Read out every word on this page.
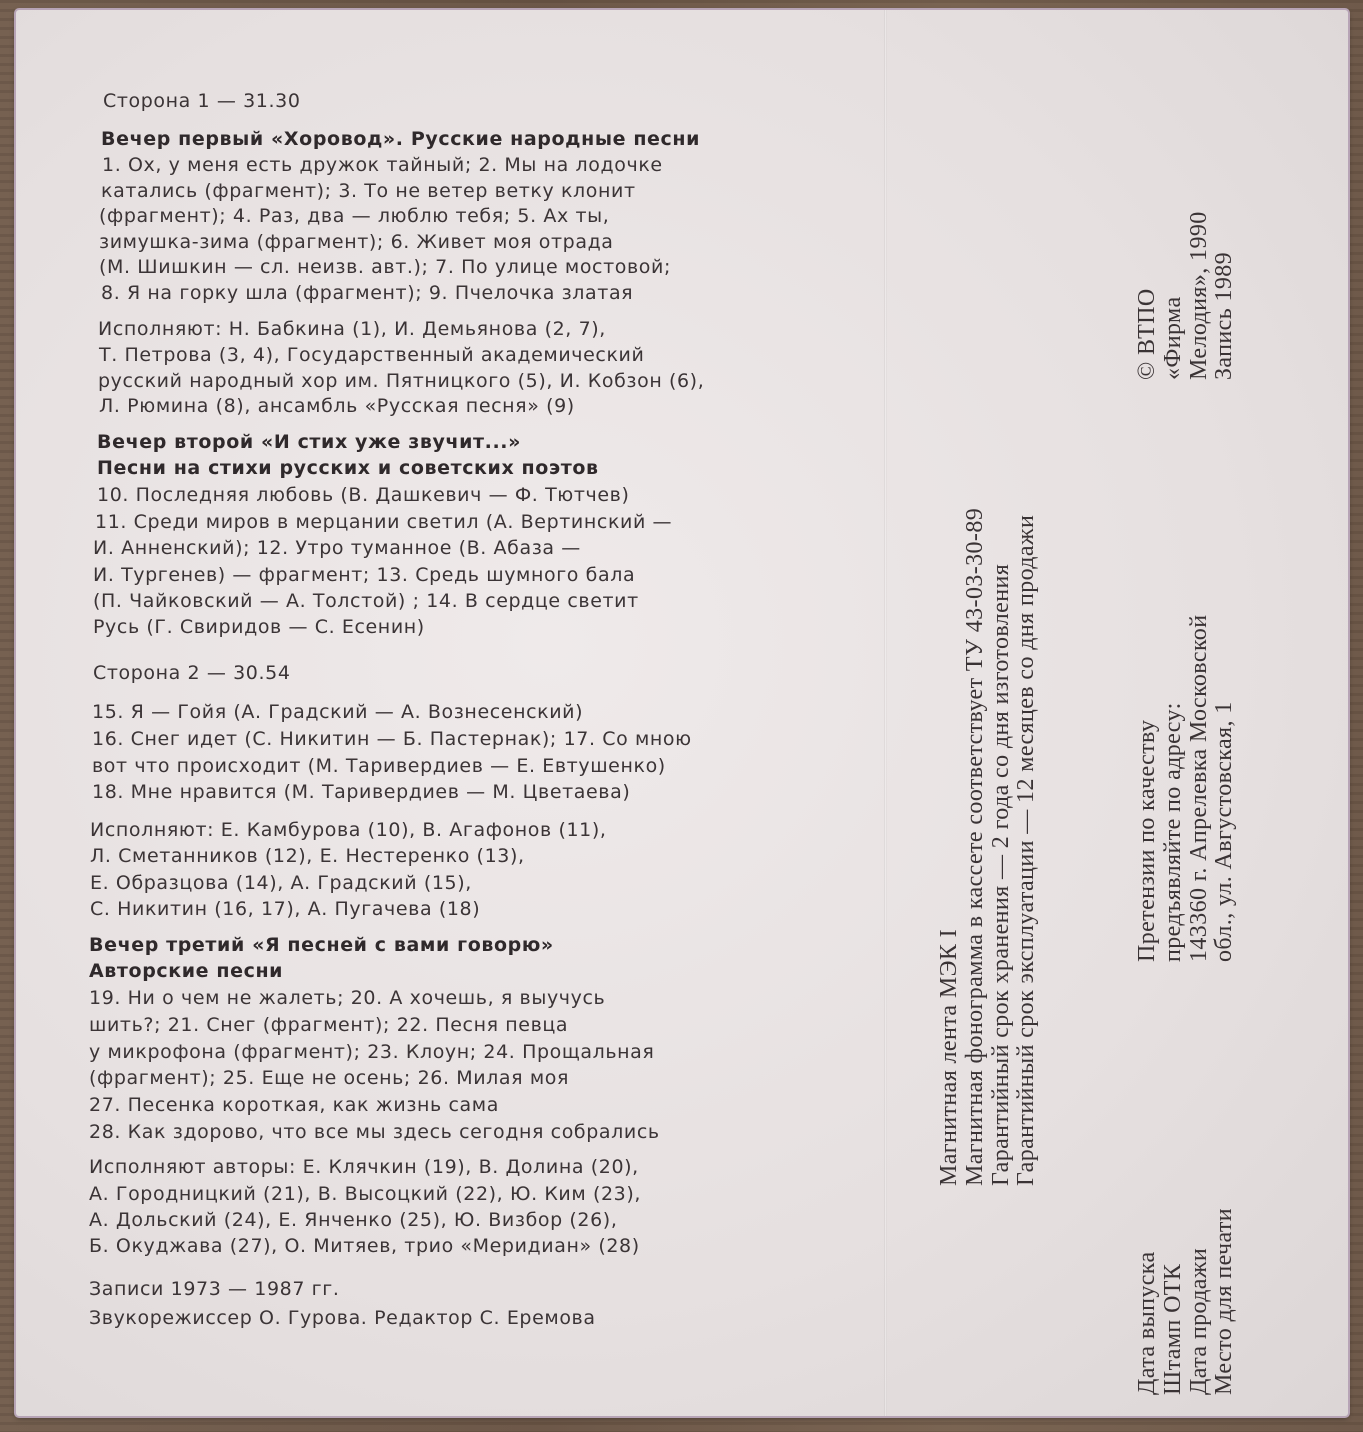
Сторона 1 — 31.30
Вечер первый «Хоровод». Русские народные песни
1. Ох, у меня есть дружок тайный; 2. Мы на лодочке
катались (фрагмент); 3. То не ветер ветку клонит
(фрагмент); 4. Раз, два — люблю тебя; 5. Ах ты,
зимушка-зима (фрагмент); 6. Живет моя отрада
(М. Шишкин — сл. неизв. авт.); 7. По улице мостовой;
8. Я на горку шла (фрагмент); 9. Пчелочка златая
Исполняют: Н. Бабкина (1), И. Демьянова (2, 7),
Т. Петрова (3, 4), Государственный академический
русский народный хор им. Пятницкого (5), И. Кобзон (6),
Л. Рюмина (8), ансамбль «Русская песня» (9)
Вечер второй «И стих уже звучит...»
Песни на стихи русских и советских поэтов
10. Последняя любовь (В. Дашкевич — Ф. Тютчев)
11. Среди миров в мерцании светил (А. Вертинский —
И. Анненский); 12. Утро туманное (В. Абаза —
И. Тургенев) — фрагмент; 13. Средь шумного бала
(П. Чайковский — А. Толстой) ; 14. В сердце светит
Русь (Г. Свиридов — С. Есенин)
Сторона 2 — 30.54
15. Я — Гойя (А. Градский — А. Вознесенский)
16. Снег идет (С. Никитин — Б. Пастернак); 17. Со мною
вот что происходит (М. Таривердиев — Е. Евтушенко)
18. Мне нравится (М. Таривердиев — М. Цветаева)
Исполняют: Е. Камбурова (10), В. Агафонов (11),
Л. Сметанников (12), Е. Нестеренко (13),
Е. Образцова (14), А. Градский (15),
С. Никитин (16, 17), А. Пугачева (18)
Вечер третий «Я песней с вами говорю»
Авторские песни
19. Ни о чем не жалеть; 20. А хочешь, я выучусь
шить?; 21. Снег (фрагмент); 22. Песня певца
у микрофона (фрагмент); 23. Клоун; 24. Прощальная
(фрагмент); 25. Еще не осень; 26. Милая моя
27. Песенка короткая, как жизнь сама
28. Как здорово, что все мы здесь сегодня собрались
Исполняют авторы: Е. Клячкин (19), В. Долина (20),
А. Городницкий (21), В. Высоцкий (22), Ю. Ким (23),
А. Дольский (24), Е. Янченко (25), Ю. Визбор (26),
Б. Окуджава (27), О. Митяев, трио «Меридиан» (28)
Записи 1973 — 1987 гг.
Звукорежиссер О. Гурова. Редактор С. Еремова
Магнитная лента МЭК I Магнитная фонограмма в кассете соответствует ТУ 43-03-30-89 Гарантийный срок хранения — 2 года со дня изготовления Гарантийный срок эксплуатации — 12 месяцев со дня продажи
Дата выпуска Штамп ОТК Дата продажи Место для печати
Претензии по качеству предъявляйте по адресу: 143360 г. Апрелевка Московской обл., ул. Августовская, 1
© ВТПО «Фирма Мелодия», 1990 Запись 1989
